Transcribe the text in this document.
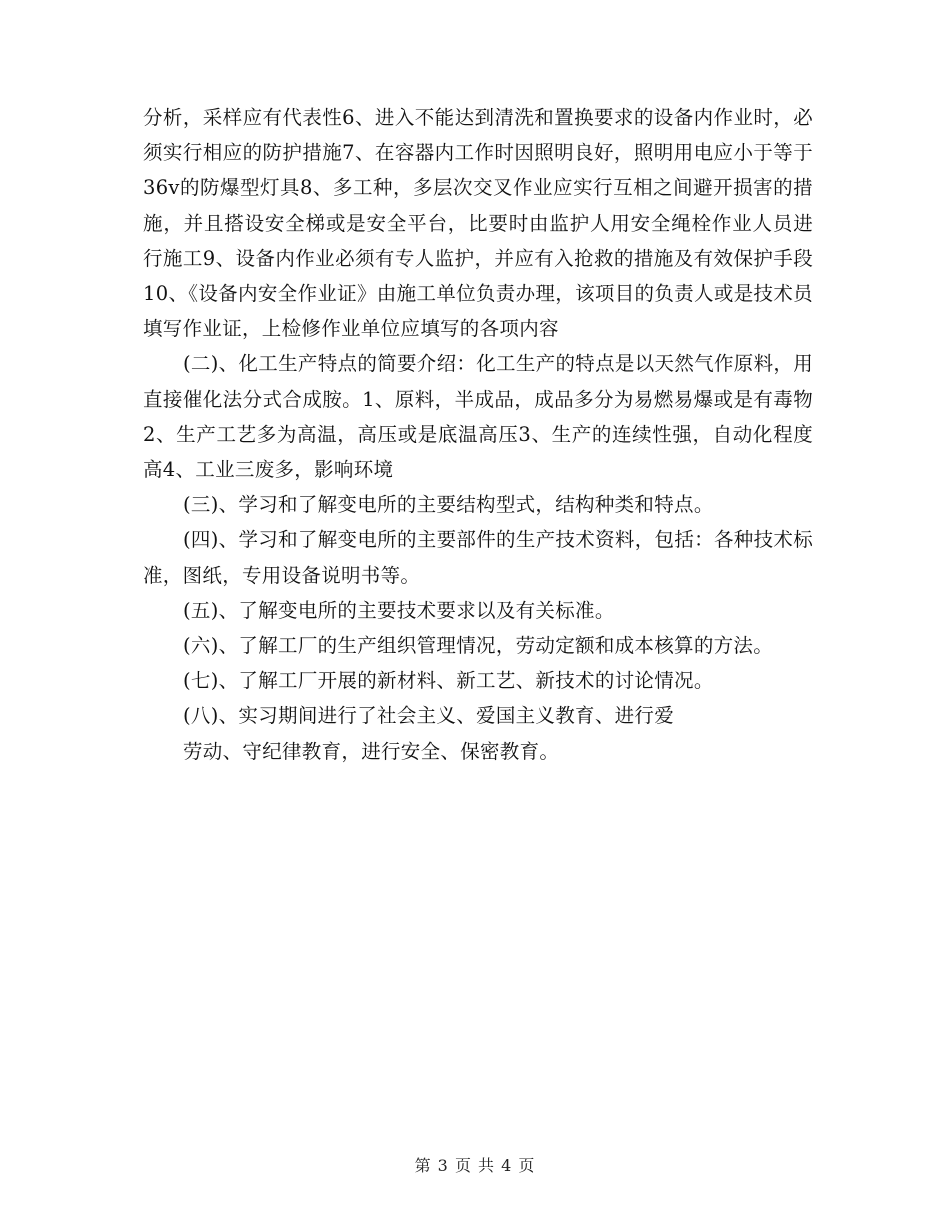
分析，采样应有代表性6、进入不能达到清洗和置换要求的设备内作业时，必须实行相应的防护措施7、在容器内工作时因照明良好，照明用电应小于等于36v的防爆型灯具8、多工种，多层次交叉作业应实行互相之间避开损害的措施，并且搭设安全梯或是安全平台，比要时由监护人用安全绳栓作业人员进行施工9、设备内作业必须有专人监护，并应有入抢救的措施及有效保护手段10、《设备内安全作业证》由施工单位负责办理，该项目的负责人或是技术员填写作业证，上检修作业单位应填写的各项内容

(二)、化工生产特点的简要介绍：化工生产的特点是以天然气作原料，用直接催化法分式合成胺。1、原料，半成品，成品多分为易燃易爆或是有毒物2、生产工艺多为高温，高压或是底温高压3、生产的连续性强，自动化程度高4、工业三废多，影响环境

(三)、学习和了解变电所的主要结构型式，结构种类和特点。

(四)、学习和了解变电所的主要部件的生产技术资料，包括：各种技术标准，图纸，专用设备说明书等。

(五)、了解变电所的主要技术要求以及有关标准。

(六)、了解工厂的生产组织管理情况，劳动定额和成本核算的方法。

(七)、了解工厂开展的新材料、新工艺、新技术的讨论情况。

(八)、实习期间进行了社会主义、爱国主义教育、进行爱

劳动、守纪律教育，进行安全、保密教育。

第 3 页 共 4 页
